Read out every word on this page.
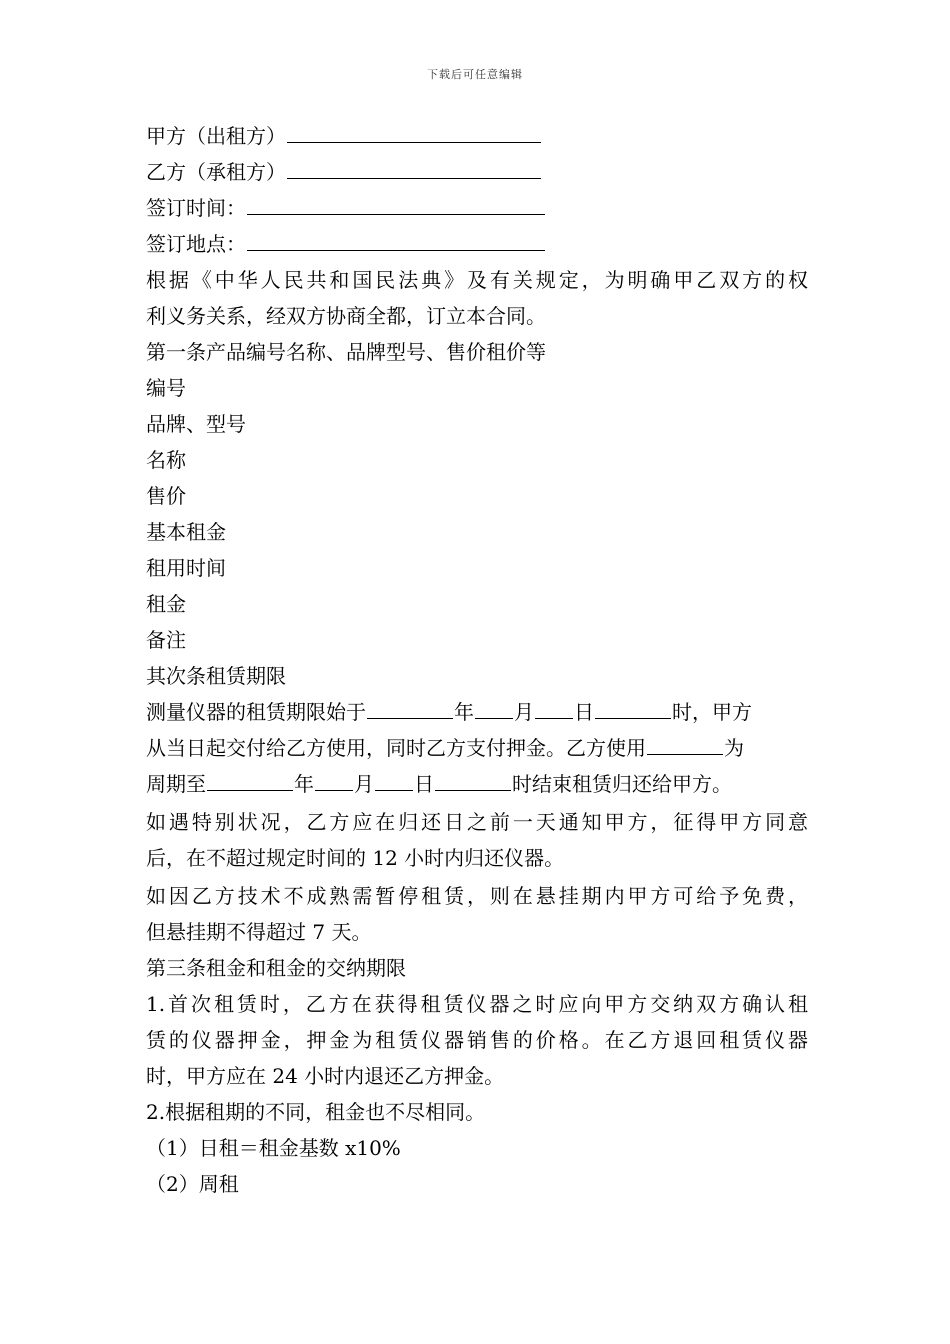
下载后可任意编辑
甲方（出租方）
乙方（承租方）
签订时间：
签订地点：
根据《中华人民共和国民法典》及有关规定，为明确甲乙双方的权
利义务关系，经双方协商全都，订立本合同。
第一条产品编号名称、品牌型号、售价租价等
编号
品牌、型号
名称
售价
基本租金
租用时间
租金
备注
其次条租赁期限
测量仪器的租赁期限始于	年 月 日	时，甲方
从当日起交付给乙方使用，同时乙方支付押金。乙方使用	为
周期至	年 月 日	时结束租赁归还给甲方。
如遇特别状况，乙方应在归还日之前一天通知甲方，征得甲方同意
后，在不超过规定时间的 12 小时内归还仪器。
如因乙方技术不成熟需暂停租赁，则在悬挂期内甲方可给予免费，
但悬挂期不得超过 7 天。
第三条租金和租金的交纳期限
1.首次租赁时，乙方在获得租赁仪器之时应向甲方交纳双方确认租
赁的仪器押金，押金为租赁仪器销售的价格。在乙方退回租赁仪器
时，甲方应在 24 小时内退还乙方押金。
2.根据租期的不同，租金也不尽相同。
（1）日租＝租金基数 x10%
（2）周租
